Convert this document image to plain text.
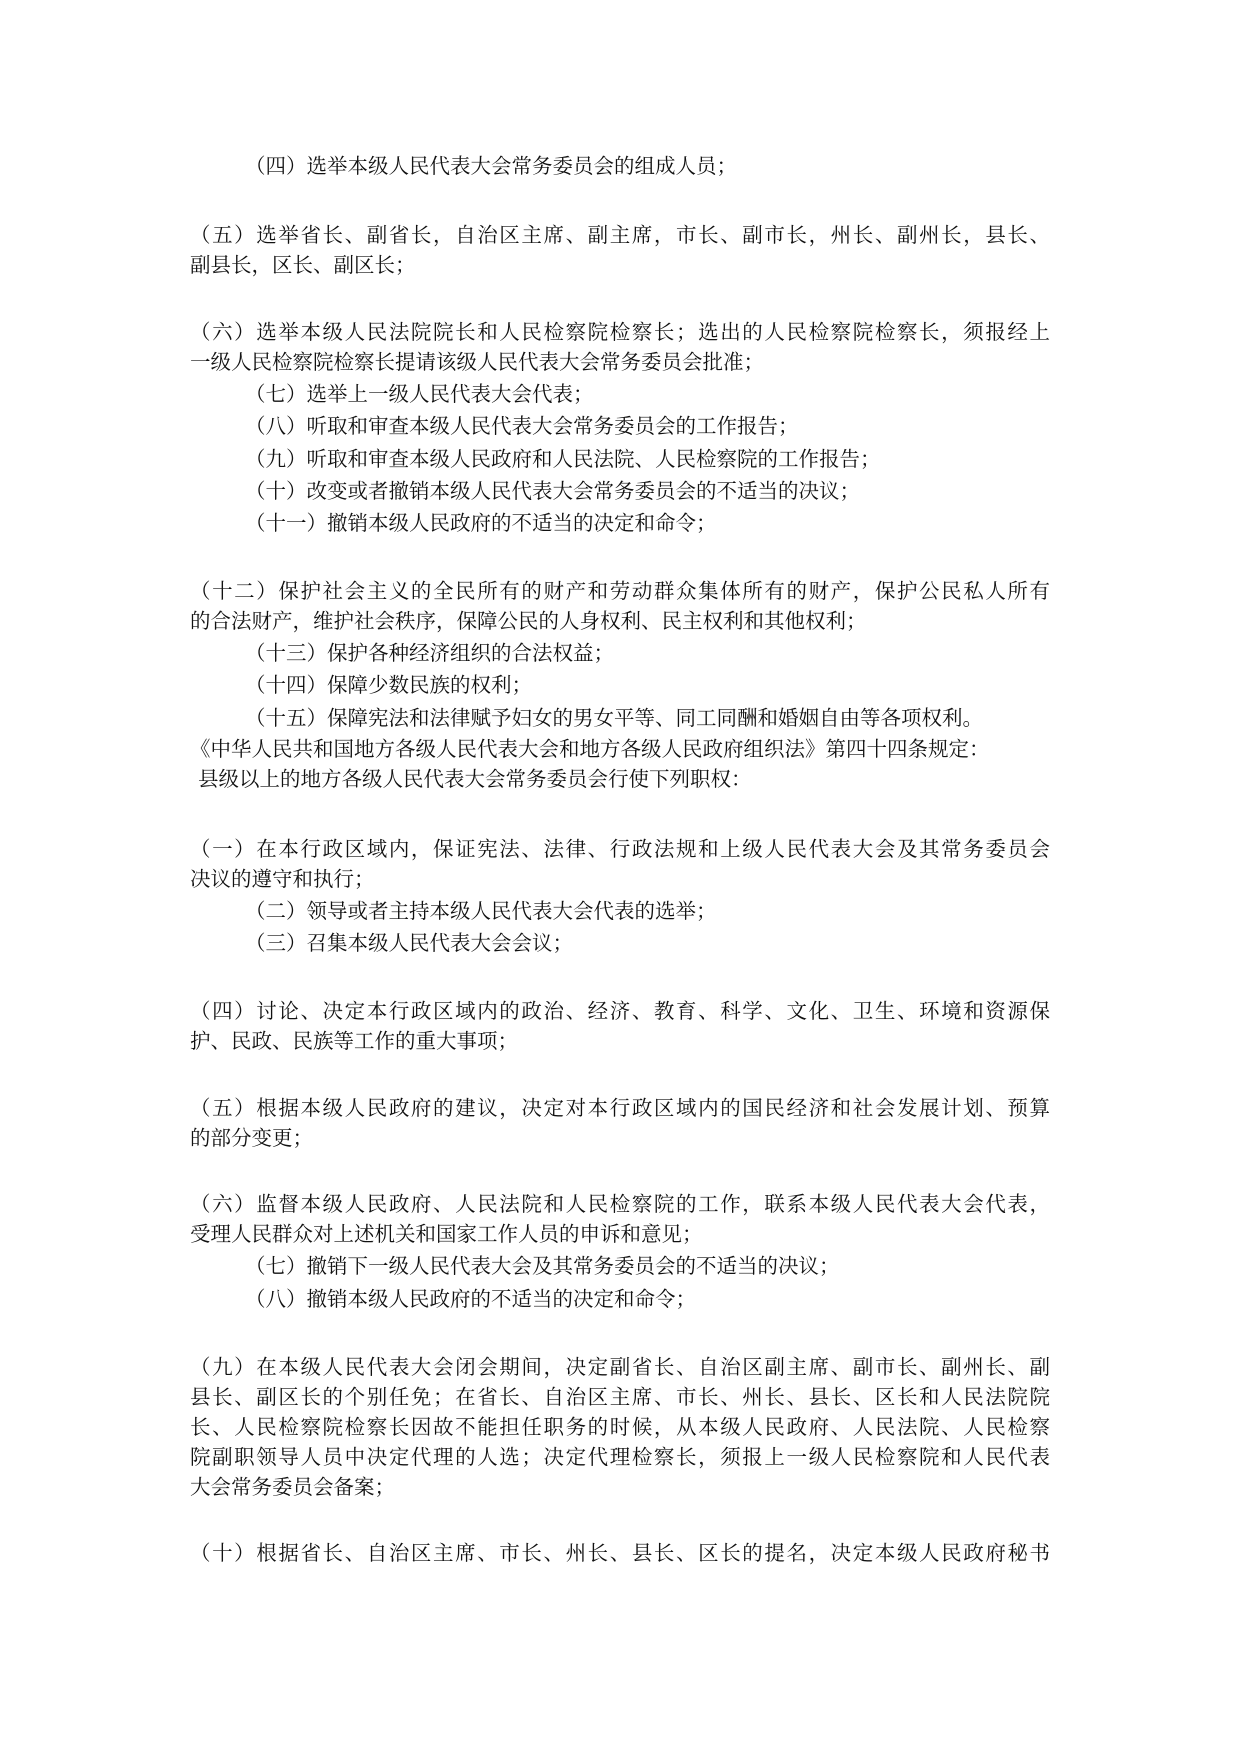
（四）选举本级人民代表大会常务委员会的组成人员；
（五）选举省长、副省长，自治区主席、副主席，市长、副市长，州长、副州长，县长、
副县长，区长、副区长；
（六）选举本级人民法院院长和人民检察院检察长；选出的人民检察院检察长，须报经上
一级人民检察院检察长提请该级人民代表大会常务委员会批准；
（七）选举上一级人民代表大会代表；
（八）听取和审查本级人民代表大会常务委员会的工作报告；
（九）听取和审查本级人民政府和人民法院、人民检察院的工作报告；
（十）改变或者撤销本级人民代表大会常务委员会的不适当的决议；
（十一）撤销本级人民政府的不适当的决定和命令；
（十二）保护社会主义的全民所有的财产和劳动群众集体所有的财产，保护公民私人所有
的合法财产，维护社会秩序，保障公民的人身权利、民主权利和其他权利；
（十三）保护各种经济组织的合法权益；
（十四）保障少数民族的权利；
（十五）保障宪法和法律赋予妇女的男女平等、同工同酬和婚姻自由等各项权利。
《中华人民共和国地方各级人民代表大会和地方各级人民政府组织法》第四十四条规定：
县级以上的地方各级人民代表大会常务委员会行使下列职权：
（一）在本行政区域内，保证宪法、法律、行政法规和上级人民代表大会及其常务委员会
决议的遵守和执行；
（二）领导或者主持本级人民代表大会代表的选举；
（三）召集本级人民代表大会会议；
（四）讨论、决定本行政区域内的政治、经济、教育、科学、文化、卫生、环境和资源保
护、民政、民族等工作的重大事项；
（五）根据本级人民政府的建议，决定对本行政区域内的国民经济和社会发展计划、预算
的部分变更；
（六）监督本级人民政府、人民法院和人民检察院的工作，联系本级人民代表大会代表，
受理人民群众对上述机关和国家工作人员的申诉和意见；
（七）撤销下一级人民代表大会及其常务委员会的不适当的决议；
（八）撤销本级人民政府的不适当的决定和命令；
（九）在本级人民代表大会闭会期间，决定副省长、自治区副主席、副市长、副州长、副
县长、副区长的个别任免；在省长、自治区主席、市长、州长、县长、区长和人民法院院
长、人民检察院检察长因故不能担任职务的时候，从本级人民政府、人民法院、人民检察
院副职领导人员中决定代理的人选；决定代理检察长，须报上一级人民检察院和人民代表
大会常务委员会备案；
（十）根据省长、自治区主席、市长、州长、县长、区长的提名，决定本级人民政府秘书
